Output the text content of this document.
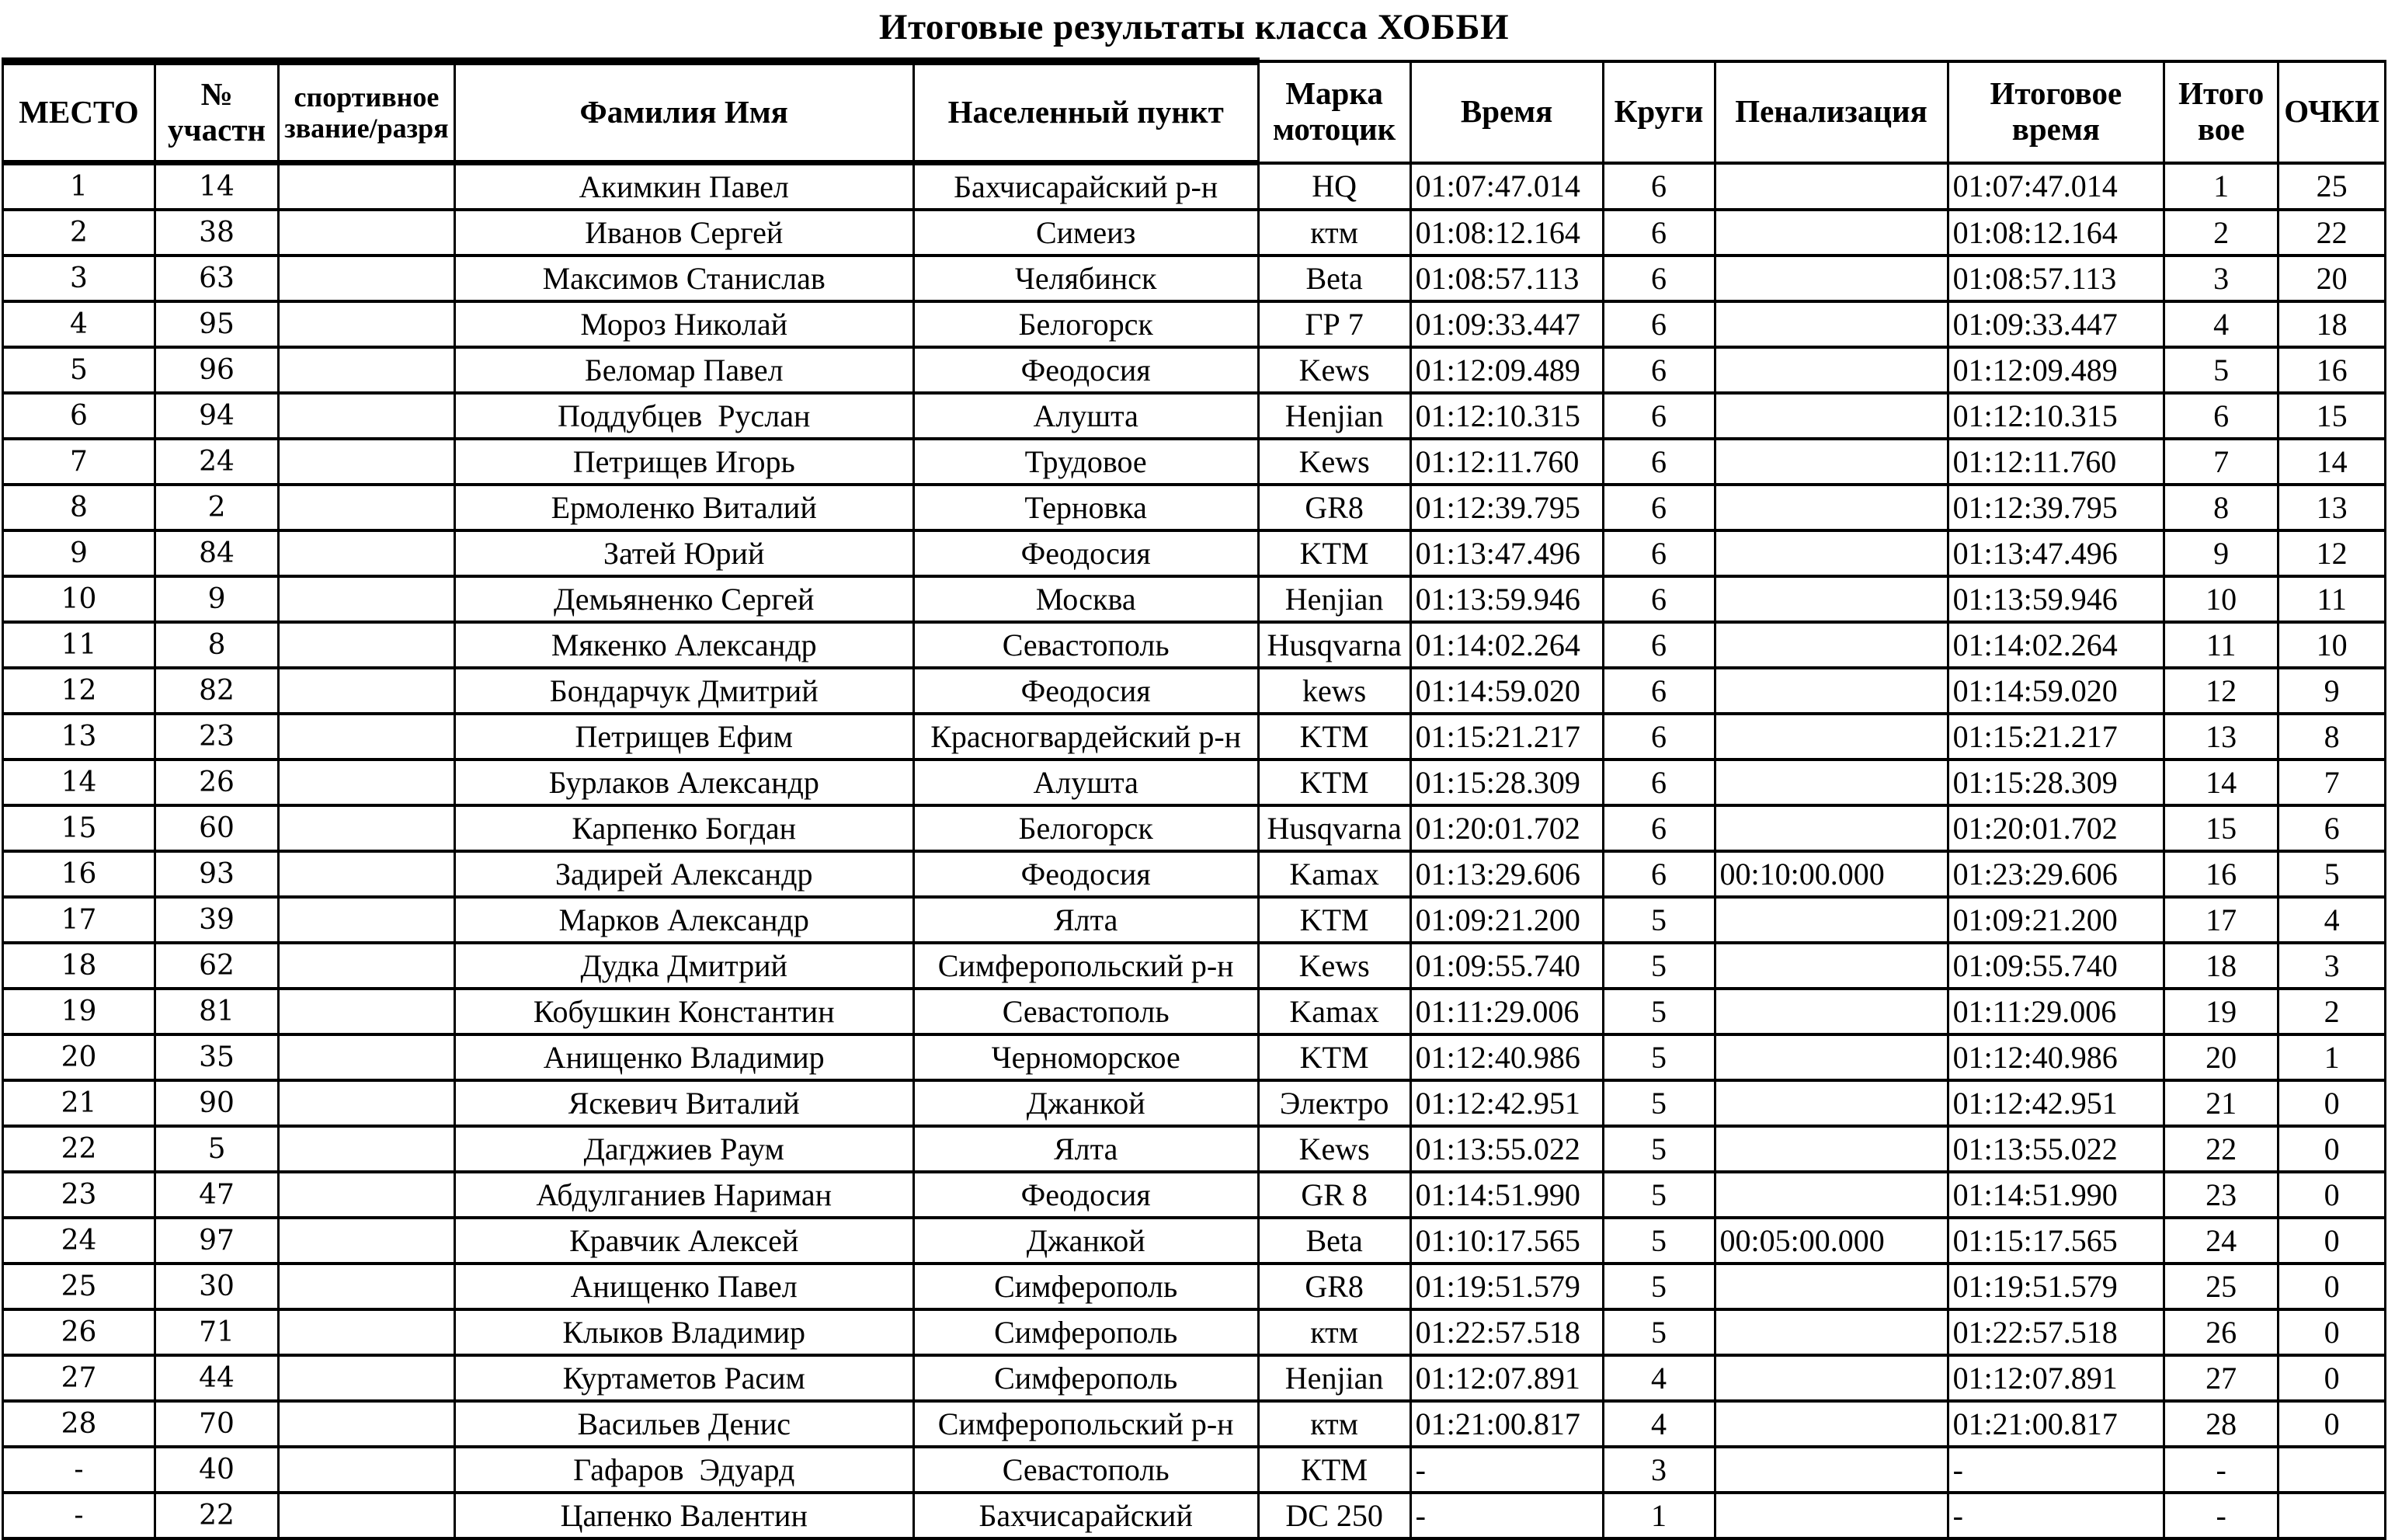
Итоговые результаты класса ХОББИ
МЕСТО	№ участн	спортивное звание/разря	Фамилия Имя	Населенный пункт	Марка мотоцик	Время	Круги	Пенализация	Итоговое время	Итого вое	ОЧКИ
1	14		Акимкин Павел	Бахчисарайский р-н	HQ	01:07:47.014	6		01:07:47.014	1	25
2	38		Иванов Сергей	Симеиз	ктм	01:08:12.164	6		01:08:12.164	2	22
3	63		Максимов Станислав	Челябинск	Beta	01:08:57.113	6		01:08:57.113	3	20
4	95		Мороз Николай	Белогорск	ГР 7	01:09:33.447	6		01:09:33.447	4	18
5	96		Беломар Павел	Феодосия	Kews	01:12:09.489	6		01:12:09.489	5	16
6	94		Поддубцев  Руслан	Алушта	Henjian	01:12:10.315	6		01:12:10.315	6	15
7	24		Петрищев Игорь	Трудовое	Kews	01:12:11.760	6		01:12:11.760	7	14
8	2		Ермоленко Виталий	Терновка	GR8	01:12:39.795	6		01:12:39.795	8	13
9	84		Затей Юрий	Феодосия	KTM	01:13:47.496	6		01:13:47.496	9	12
10	9		Демьяненко Сергей	Москва	Henjian	01:13:59.946	6		01:13:59.946	10	11
11	8		Мякенко Александр	Севастополь	Husqvarna	01:14:02.264	6		01:14:02.264	11	10
12	82		Бондарчук Дмитрий	Феодосия	kews	01:14:59.020	6		01:14:59.020	12	9
13	23		Петрищев Ефим	Красногвардейский р-н	KTM	01:15:21.217	6		01:15:21.217	13	8
14	26		Бурлаков Александр	Алушта	KTM	01:15:28.309	6		01:15:28.309	14	7
15	60		Карпенко Богдан	Белогорск	Husqvarna	01:20:01.702	6		01:20:01.702	15	6
16	93		Задирей Александр	Феодосия	Kamax	01:13:29.606	6	00:10:00.000	01:23:29.606	16	5
17	39		Марков Александр	Ялта	KTM	01:09:21.200	5		01:09:21.200	17	4
18	62		Дудка Дмитрий	Симферопольский р-н	Kews	01:09:55.740	5		01:09:55.740	18	3
19	81		Кобушкин Константин	Севастополь	Kamax	01:11:29.006	5		01:11:29.006	19	2
20	35		Анищенко Владимир	Черноморское	KTM	01:12:40.986	5		01:12:40.986	20	1
21	90		Яскевич Виталий	Джанкой	Электро	01:12:42.951	5		01:12:42.951	21	0
22	5		Дагджиев Раум	Ялта	Kews	01:13:55.022	5		01:13:55.022	22	0
23	47		Абдулганиев Нариман	Феодосия	GR 8	01:14:51.990	5		01:14:51.990	23	0
24	97		Кравчик Алексей	Джанкой	Beta	01:10:17.565	5	00:05:00.000	01:15:17.565	24	0
25	30		Анищенко Павел	Симферополь	GR8	01:19:51.579	5		01:19:51.579	25	0
26	71		Клыков Владимир	Симферополь	ктм	01:22:57.518	5		01:22:57.518	26	0
27	44		Куртаметов Расим	Симферополь	Henjian	01:12:07.891	4		01:12:07.891	27	0
28	70		Васильев Денис	Симферопольский р-н	ктм	01:21:00.817	4		01:21:00.817	28	0
-	40		Гафаров  Эдуард	Севастополь	КТМ	-	3		-	-	
-	22		Цапенко Валентин	Бахчисарайский	DC 250	-	1		-	-	
